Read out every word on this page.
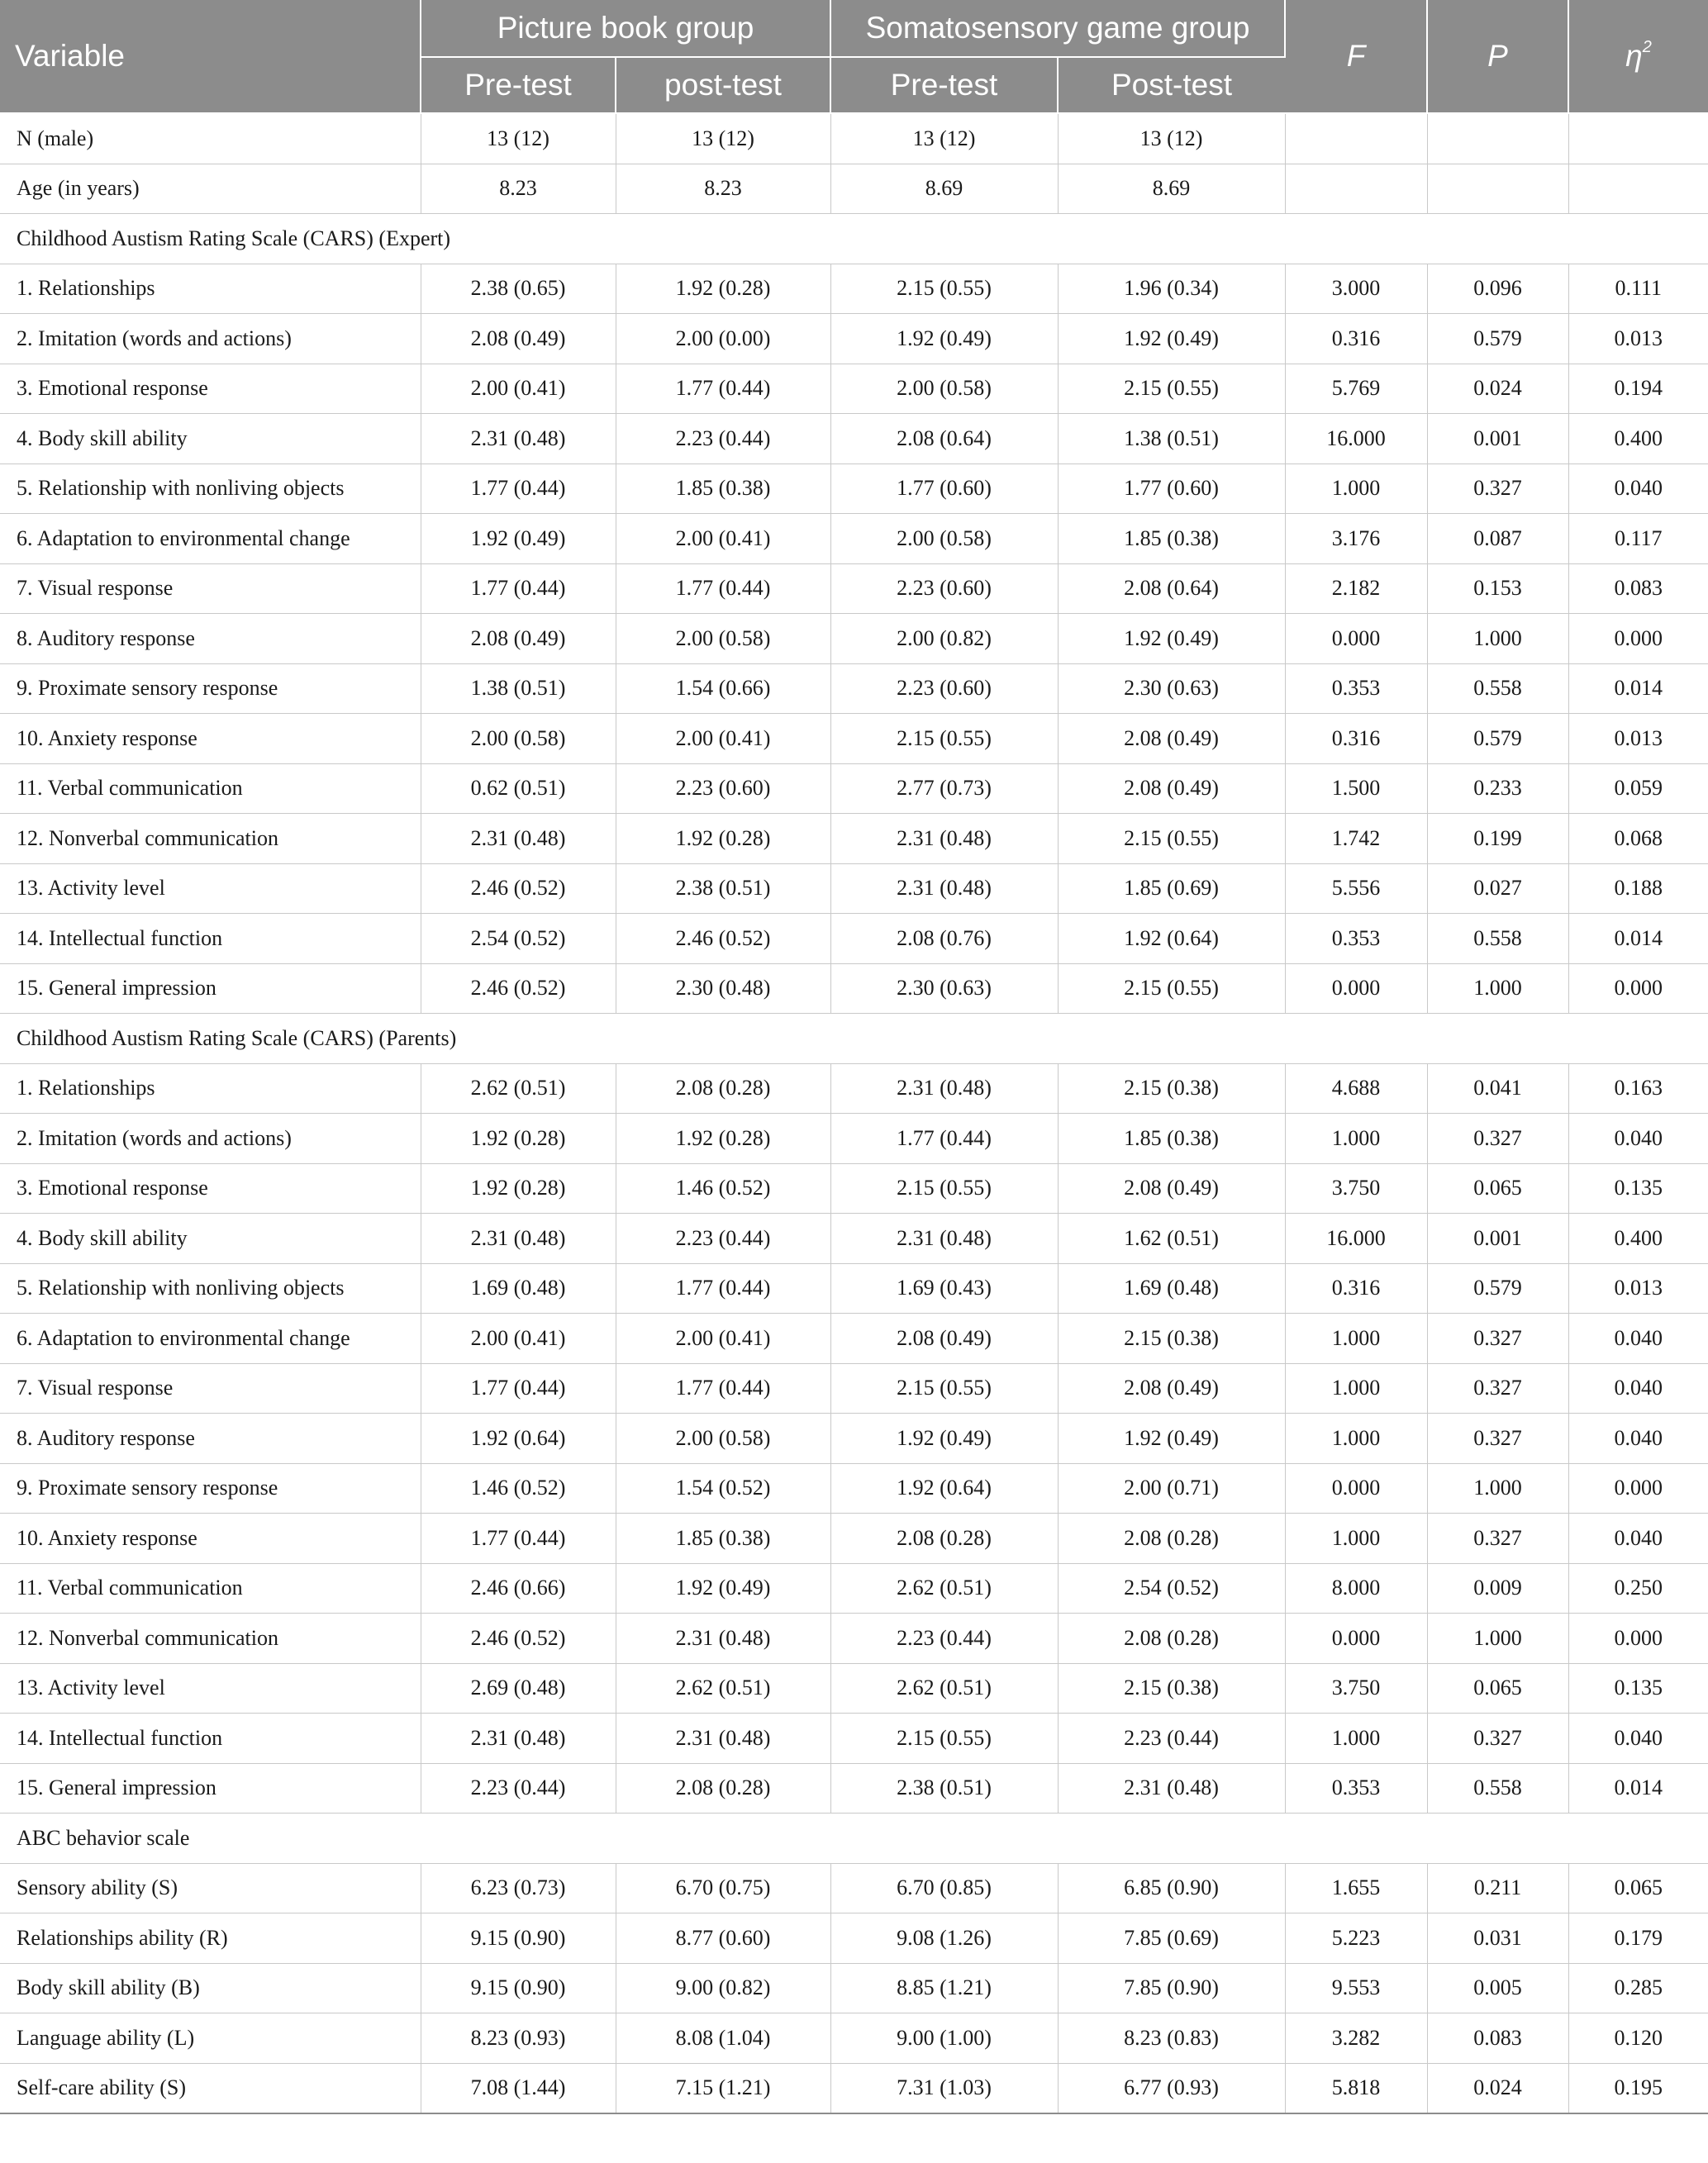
Variable	Picture book group		Somatosensory game group		F	P	$\eta^2$
	Pre-test	post-test	Pre-test	Post-test			
N (male)	13 (12)	13 (12)	13 (12)	13 (12)			
Age (in years)	8.23	8.23	8.69	8.69			
Childhood Austism Rating Scale (CARS) (Expert)							
1. Relationships	2.38 (0.65)	1.92 (0.28)	2.15 (0.55)	1.96 (0.34)	3.000	0.096	0.111
2. Imitation (words and actions)	2.08 (0.49)	2.00 (0.00)	1.92 (0.49)	1.92 (0.49)	0.316	0.579	0.013
3. Emotional response	2.00 (0.41)	1.77 (0.44)	2.00 (0.58)	2.15 (0.55)	5.769	0.024	0.194
4. Body skill ability	2.31 (0.48)	2.23 (0.44)	2.08 (0.64)	1.38 (0.51)	16.000	0.001	0.400
5. Relationship with nonliving objects	1.77 (0.44)	1.85 (0.38)	1.77 (0.60)	1.77 (0.60)	1.000	0.327	0.040
6. Adaptation to environmental change	1.92 (0.49)	2.00 (0.41)	2.00 (0.58)	1.85 (0.38)	3.176	0.087	0.117
7. Visual response	1.77 (0.44)	1.77 (0.44)	2.23 (0.60)	2.08 (0.64)	2.182	0.153	0.083
8. Auditory response	2.08 (0.49)	2.00 (0.58)	2.00 (0.82)	1.92 (0.49)	0.000	1.000	0.000
9. Proximate sensory response	1.38 (0.51)	1.54 (0.66)	2.23 (0.60)	2.30 (0.63)	0.353	0.558	0.014
10. Anxiety response	2.00 (0.58)	2.00 (0.41)	2.15 (0.55)	2.08 (0.49)	0.316	0.579	0.013
11. Verbal communication	0.62 (0.51)	2.23 (0.60)	2.77 (0.73)	2.08 (0.49)	1.500	0.233	0.059
12. Nonverbal communication	2.31 (0.48)	1.92 (0.28)	2.31 (0.48)	2.15 (0.55)	1.742	0.199	0.068
13. Activity level	2.46 (0.52)	2.38 (0.51)	2.31 (0.48)	1.85 (0.69)	5.556	0.027	0.188
14. Intellectual function	2.54 (0.52)	2.46 (0.52)	2.08 (0.76)	1.92 (0.64)	0.353	0.558	0.014
15. General impression	2.46 (0.52)	2.30 (0.48)	2.30 (0.63)	2.15 (0.55)	0.000	1.000	0.000
Childhood Austism Rating Scale (CARS) (Parents)							
1. Relationships	2.62 (0.51)	2.08 (0.28)	2.31 (0.48)	2.15 (0.38)	4.688	0.041	0.163
2. Imitation (words and actions)	1.92 (0.28)	1.92 (0.28)	1.77 (0.44)	1.85 (0.38)	1.000	0.327	0.040
3. Emotional response	1.92 (0.28)	1.46 (0.52)	2.15 (0.55)	2.08 (0.49)	3.750	0.065	0.135
4. Body skill ability	2.31 (0.48)	2.23 (0.44)	2.31 (0.48)	1.62 (0.51)	16.000	0.001	0.400
5. Relationship with nonliving objects	1.69 (0.48)	1.77 (0.44)	1.69 (0.43)	1.69 (0.48)	0.316	0.579	0.013
6. Adaptation to environmental change	2.00 (0.41)	2.00 (0.41)	2.08 (0.49)	2.15 (0.38)	1.000	0.327	0.040
7. Visual response	1.77 (0.44)	1.77 (0.44)	2.15 (0.55)	2.08 (0.49)	1.000	0.327	0.040
8. Auditory response	1.92 (0.64)	2.00 (0.58)	1.92 (0.49)	1.92 (0.49)	1.000	0.327	0.040
9. Proximate sensory response	1.46 (0.52)	1.54 (0.52)	1.92 (0.64)	2.00 (0.71)	0.000	1.000	0.000
10. Anxiety response	1.77 (0.44)	1.85 (0.38)	2.08 (0.28)	2.08 (0.28)	1.000	0.327	0.040
11. Verbal communication	2.46 (0.66)	1.92 (0.49)	2.62 (0.51)	2.54 (0.52)	8.000	0.009	0.250
12. Nonverbal communication	2.46 (0.52)	2.31 (0.48)	2.23 (0.44)	2.08 (0.28)	0.000	1.000	0.000
13. Activity level	2.69 (0.48)	2.62 (0.51)	2.62 (0.51)	2.15 (0.38)	3.750	0.065	0.135
14. Intellectual function	2.31 (0.48)	2.31 (0.48)	2.15 (0.55)	2.23 (0.44)	1.000	0.327	0.040
15. General impression	2.23 (0.44)	2.08 (0.28)	2.38 (0.51)	2.31 (0.48)	0.353	0.558	0.014
ABC behavior scale							
Sensory ability (S)	6.23 (0.73)	6.70 (0.75)	6.70 (0.85)	6.85 (0.90)	1.655	0.211	0.065
Relationships ability (R)	9.15 (0.90)	8.77 (0.60)	9.08 (1.26)	7.85 (0.69)	5.223	0.031	0.179
Body skill ability (B)	9.15 (0.90)	9.00 (0.82)	8.85 (1.21)	7.85 (0.90)	9.553	0.005	0.285
Language ability (L)	8.23 (0.93)	8.08 (1.04)	9.00 (1.00)	8.23 (0.83)	3.282	0.083	0.120
Self-care ability (S)	7.08 (1.44)	7.15 (1.21)	7.31 (1.03)	6.77 (0.93)	5.818	0.024	0.195
